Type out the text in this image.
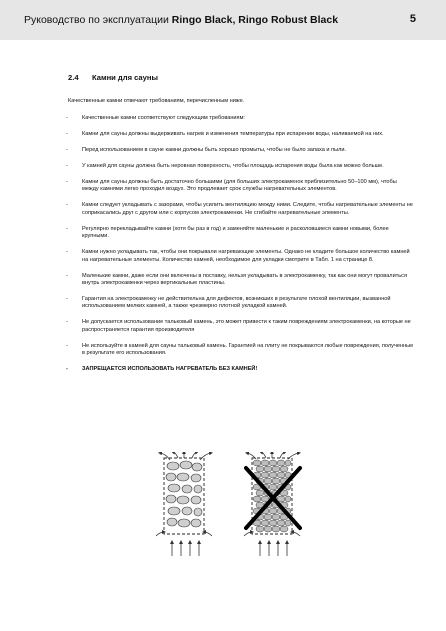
Руководство по эксплуатации Ringo Black, Ringo Robust Black	5
2.4 Камни для сауны
Качественные камни отвечают требованиям, перечисленным ниже.
-	Качественные камни соответствуют следующим требованиям:
-	Камни для сауны должны выдерживать нагрев и изменения температуры при испарении воды, наливаемой на них.
-	Перед использованием в сауне камни должны быть хорошо промыты, чтобы не было запаха и пыли.
-	У камней для сауны должна быть неровная поверхность, чтобы площадь испарения воды была как можно больше.
-	Камни для сауны должны быть достаточно большими (для больших электрокаменок приблизительно 50–100 мм), чтобы между камнями легко проходил воздух. Это продлевает срок службы нагревательных элементов.
-	Камни следует укладывать с зазорами, чтобы усилить вентиляцию между ними. Следите, чтобы нагревательные элементы не соприкасались друг с другом или с корпусом электрокаменки. Не сгибайте нагревательные элементы.
-	Регулярно перекладывайте камни (хотя бы раз в год) и заменяйте маленькие и расколовшиеся камни новыми, более крупными.
-	Камни нужно укладывать так, чтобы они покрывали нагревающие элементы. Однако не кладите большое количество камней на нагревательные элементы. Количество камней, необходимое для укладки смотрите в Табл. 1 на странице 8.
-	Маленькие камни, даже если они включены в поставку, нельзя укладывать в электрокаменку, так как они могут провалиться внутрь электрокаменки через вертикальные пластины.
-	Гарантия на электрокаменку не действительна для дефектов, возникших в результате плохой вентиляции, вызванной использованием мелких камней, а также чрезмерно плотной укладкой камней.
-	Не допускается использование тальковый камень, это может привести к таким повреждениям электрокаменки, на которые не распространяется гарантия производителя
-	Не используйте в камней для сауны тальковый камень. Гарантией на плиту не покрываются любые повреждения, полученные в результате его использования.
-	ЗАПРЕЩАЕТСЯ ИСПОЛЬЗОВАТЬ НАГРЕВАТЕЛЬ БЕЗ КАМНЕЙ!
